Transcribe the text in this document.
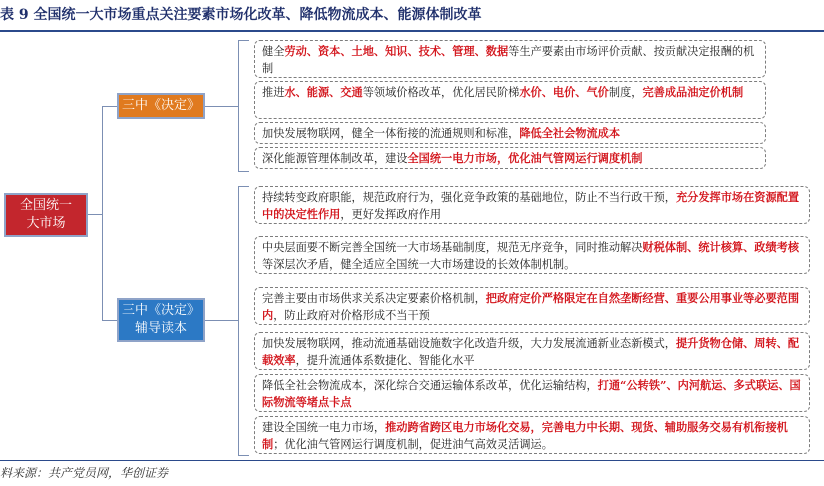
表 9 全国统一大市场重点关注要素市场化改革、降低物流成本、能源体制改革
全国统一
大市场
三中《决定》
三中《决定》
辅导读本
健全劳动、资本、土地、知识、技术、管理、数据等生产要素由市场评价贡献、按贡献决定报酬的机制
推进水、能源、交通等领域价格改革，优化居民阶梯水价、电价、气价制度，完善成品油定价机制
加快发展物联网，健全一体衔接的流通规则和标准，降低全社会物流成本
深化能源管理体制改革，建设全国统一电力市场，优化油气管网运行调度机制
持续转变政府职能，规范政府行为，强化竞争政策的基础地位，防止不当行政干预，充分发挥市场在资源配置中的决定性作用，更好发挥政府作用
中央层面要不断完善全国统一大市场基础制度，规范无序竞争，同时推动解决财税体制、统计核算、政绩考核等深层次矛盾，健全适应全国统一大市场建设的长效体制机制。
完善主要由市场供求关系决定要素价格机制，把政府定价严格限定在自然垄断经营、重要公用事业等必要范围内，防止政府对价格形成不当干预
加快发展物联网，推动流通基础设施数字化改造升级，大力发展流通新业态新模式，提升货物仓储、周转、配载效率，提升流通体系数捷化、智能化水平
降低全社会物流成本，深化综合交通运输体系改革，优化运输结构，打通“公转铁”、内河航运、多式联运、国际物流等堵点卡点
建设全国统一电力市场，推动跨省跨区电力市场化交易，完善电力中长期、现货、辅助服务交易有机衔接机制；优化油气管网运行调度机制，促进油气高效灵活调运。
料来源：共产党员网，华创证券
